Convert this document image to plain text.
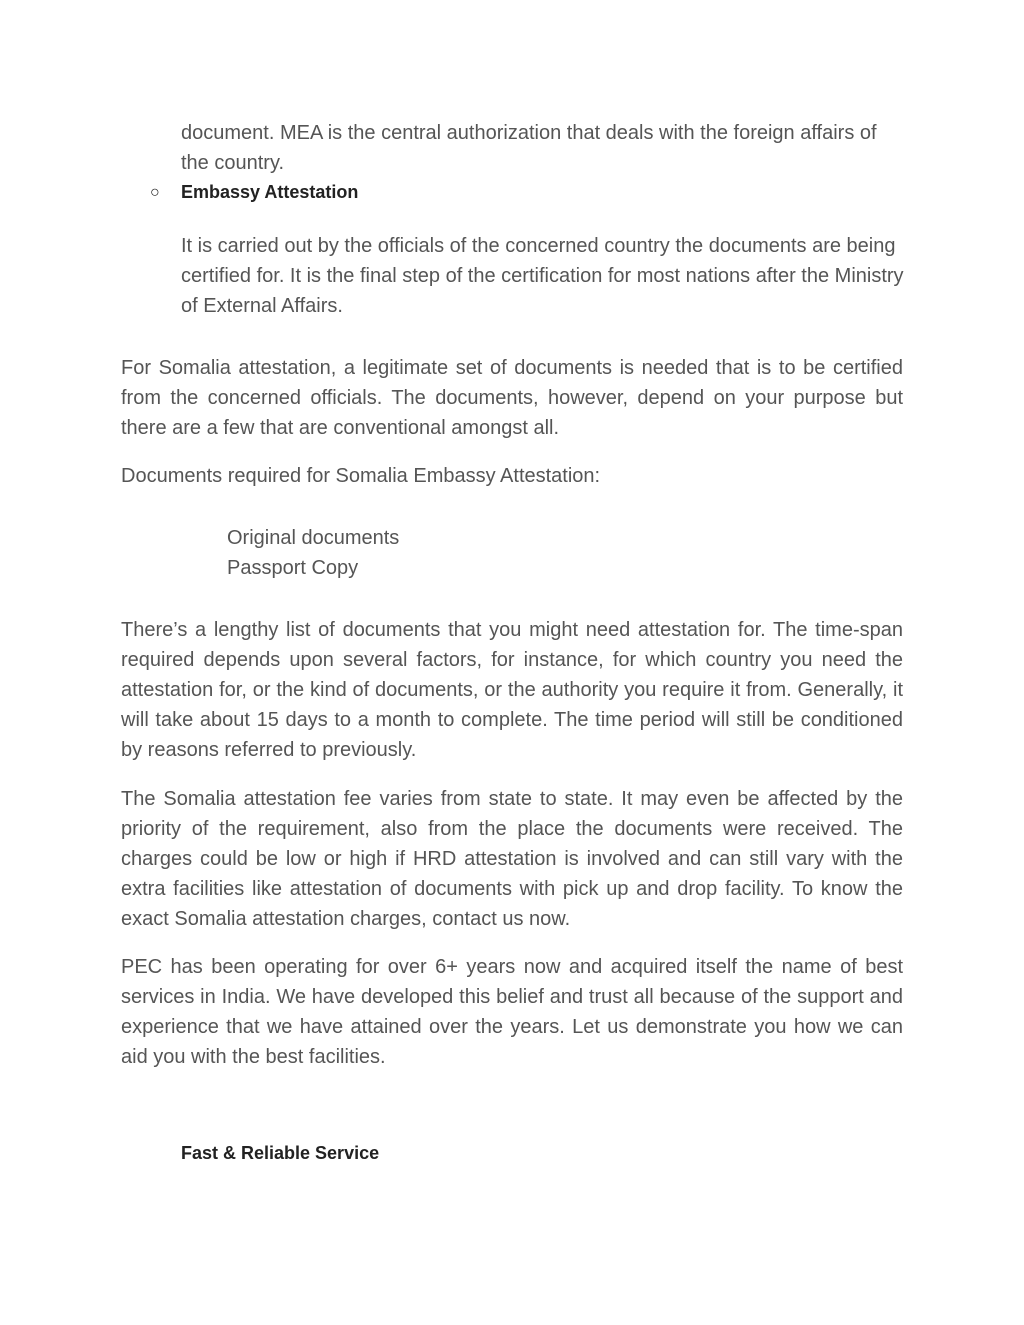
document. MEA is the central authorization that deals with the foreign affairs of the country.
○ Embassy Attestation
It is carried out by the officials of the concerned country the documents are being certified for. It is the final step of the certification for most nations after the Ministry of External Affairs.
For Somalia attestation, a legitimate set of documents is needed that is to be certified from the concerned officials. The documents, however, depend on your purpose but there are a few that are conventional amongst all.
Documents required for Somalia Embassy Attestation:
Original documents
Passport Copy
There’s a lengthy list of documents that you might need attestation for. The time-span required depends upon several factors, for instance, for which country you need the attestation for, or the kind of documents, or the authority you require it from. Generally, it will take about 15 days to a month to complete. The time period will still be conditioned by reasons referred to previously.
The Somalia attestation fee varies from state to state. It may even be affected by the priority of the requirement, also from the place the documents were received. The charges could be low or high if HRD attestation is involved and can still vary with the extra facilities like attestation of documents with pick up and drop facility. To know the exact Somalia attestation charges, contact us now.
PEC has been operating for over 6+ years now and acquired itself the name of best services in India. We have developed this belief and trust all because of the support and experience that we have attained over the years. Let us demonstrate you how we can aid you with the best facilities.
Fast & Reliable Service
